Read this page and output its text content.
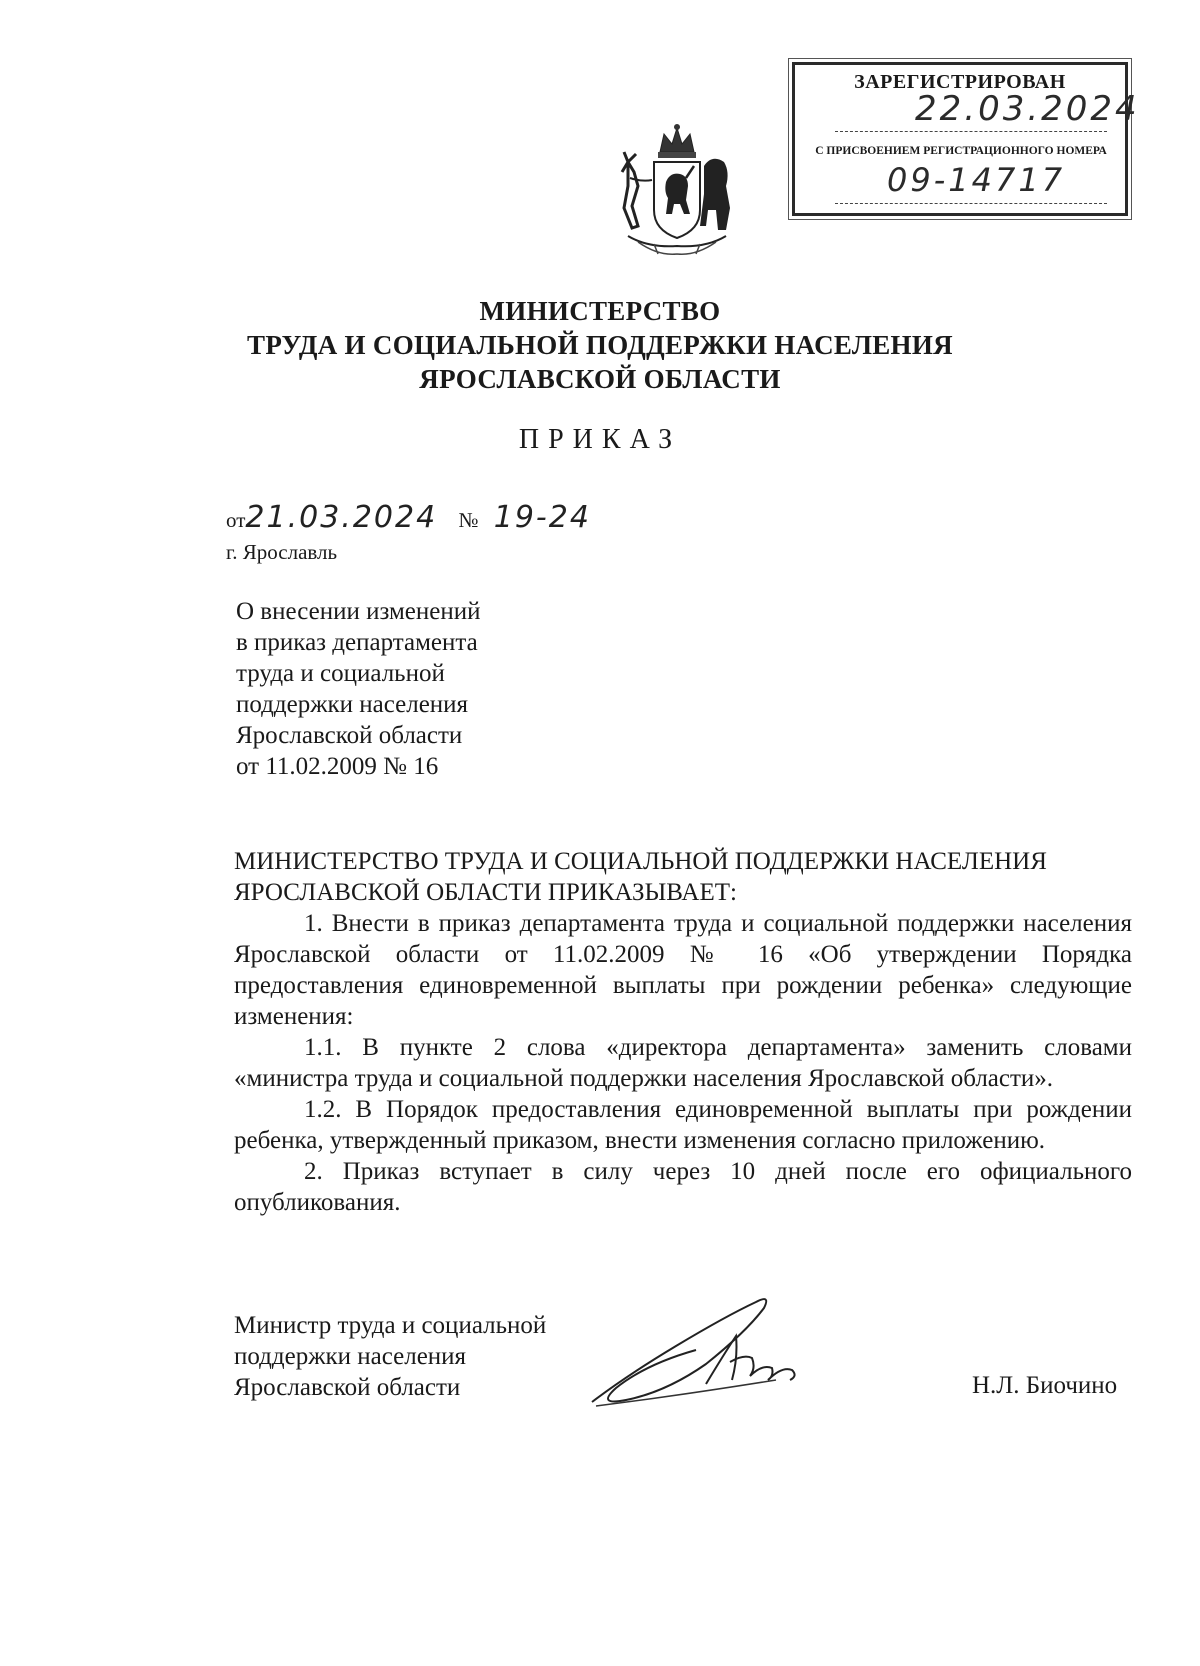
ЗАРЕГИСТРИРОВАН
22.03.2024
С ПРИСВОЕНИЕМ РЕГИСТРАЦИОННОГО НОМЕРА
09-14717
МИНИСТЕРСТВО
ТРУДА И СОЦИАЛЬНОЙ ПОДДЕРЖКИ НАСЕЛЕНИЯ
ЯРОСЛАВСКОЙ ОБЛАСТИ
ПРИКАЗ
от21.03.2024 № 19-24
г. Ярославль
О внесении изменений
в приказ департамента
труда и социальной
поддержки населения
Ярославской области
от 11.02.2009 № 16

МИНИСТЕРСТВО ТРУДА И СОЦИАЛЬНОЙ ПОДДЕРЖКИ НАСЕЛЕНИЯ

ЯРОСЛАВСКОЙ ОБЛАСТИ ПРИКАЗЫВАЕТ:

1. Внести в приказ департамента труда и социальной поддержки населения Ярославской области от 11.02.2009 № 16 «Об утверждении Порядка предоставления единовременной выплаты при рождении ребенка» следующие изменения:

1.1. В пункте 2 слова «директора департамента» заменить словами «министра труда и социальной поддержки населения Ярославской области».

1.2. В Порядок предоставления единовременной выплаты при рождении ребенка, утвержденный приказом, внести изменения согласно приложению.

2. Приказ вступает в силу через 10 дней после его официального опубликования.

Министр труда и социальной
поддержки населения
Ярославской области	Н.Л. Биочино
